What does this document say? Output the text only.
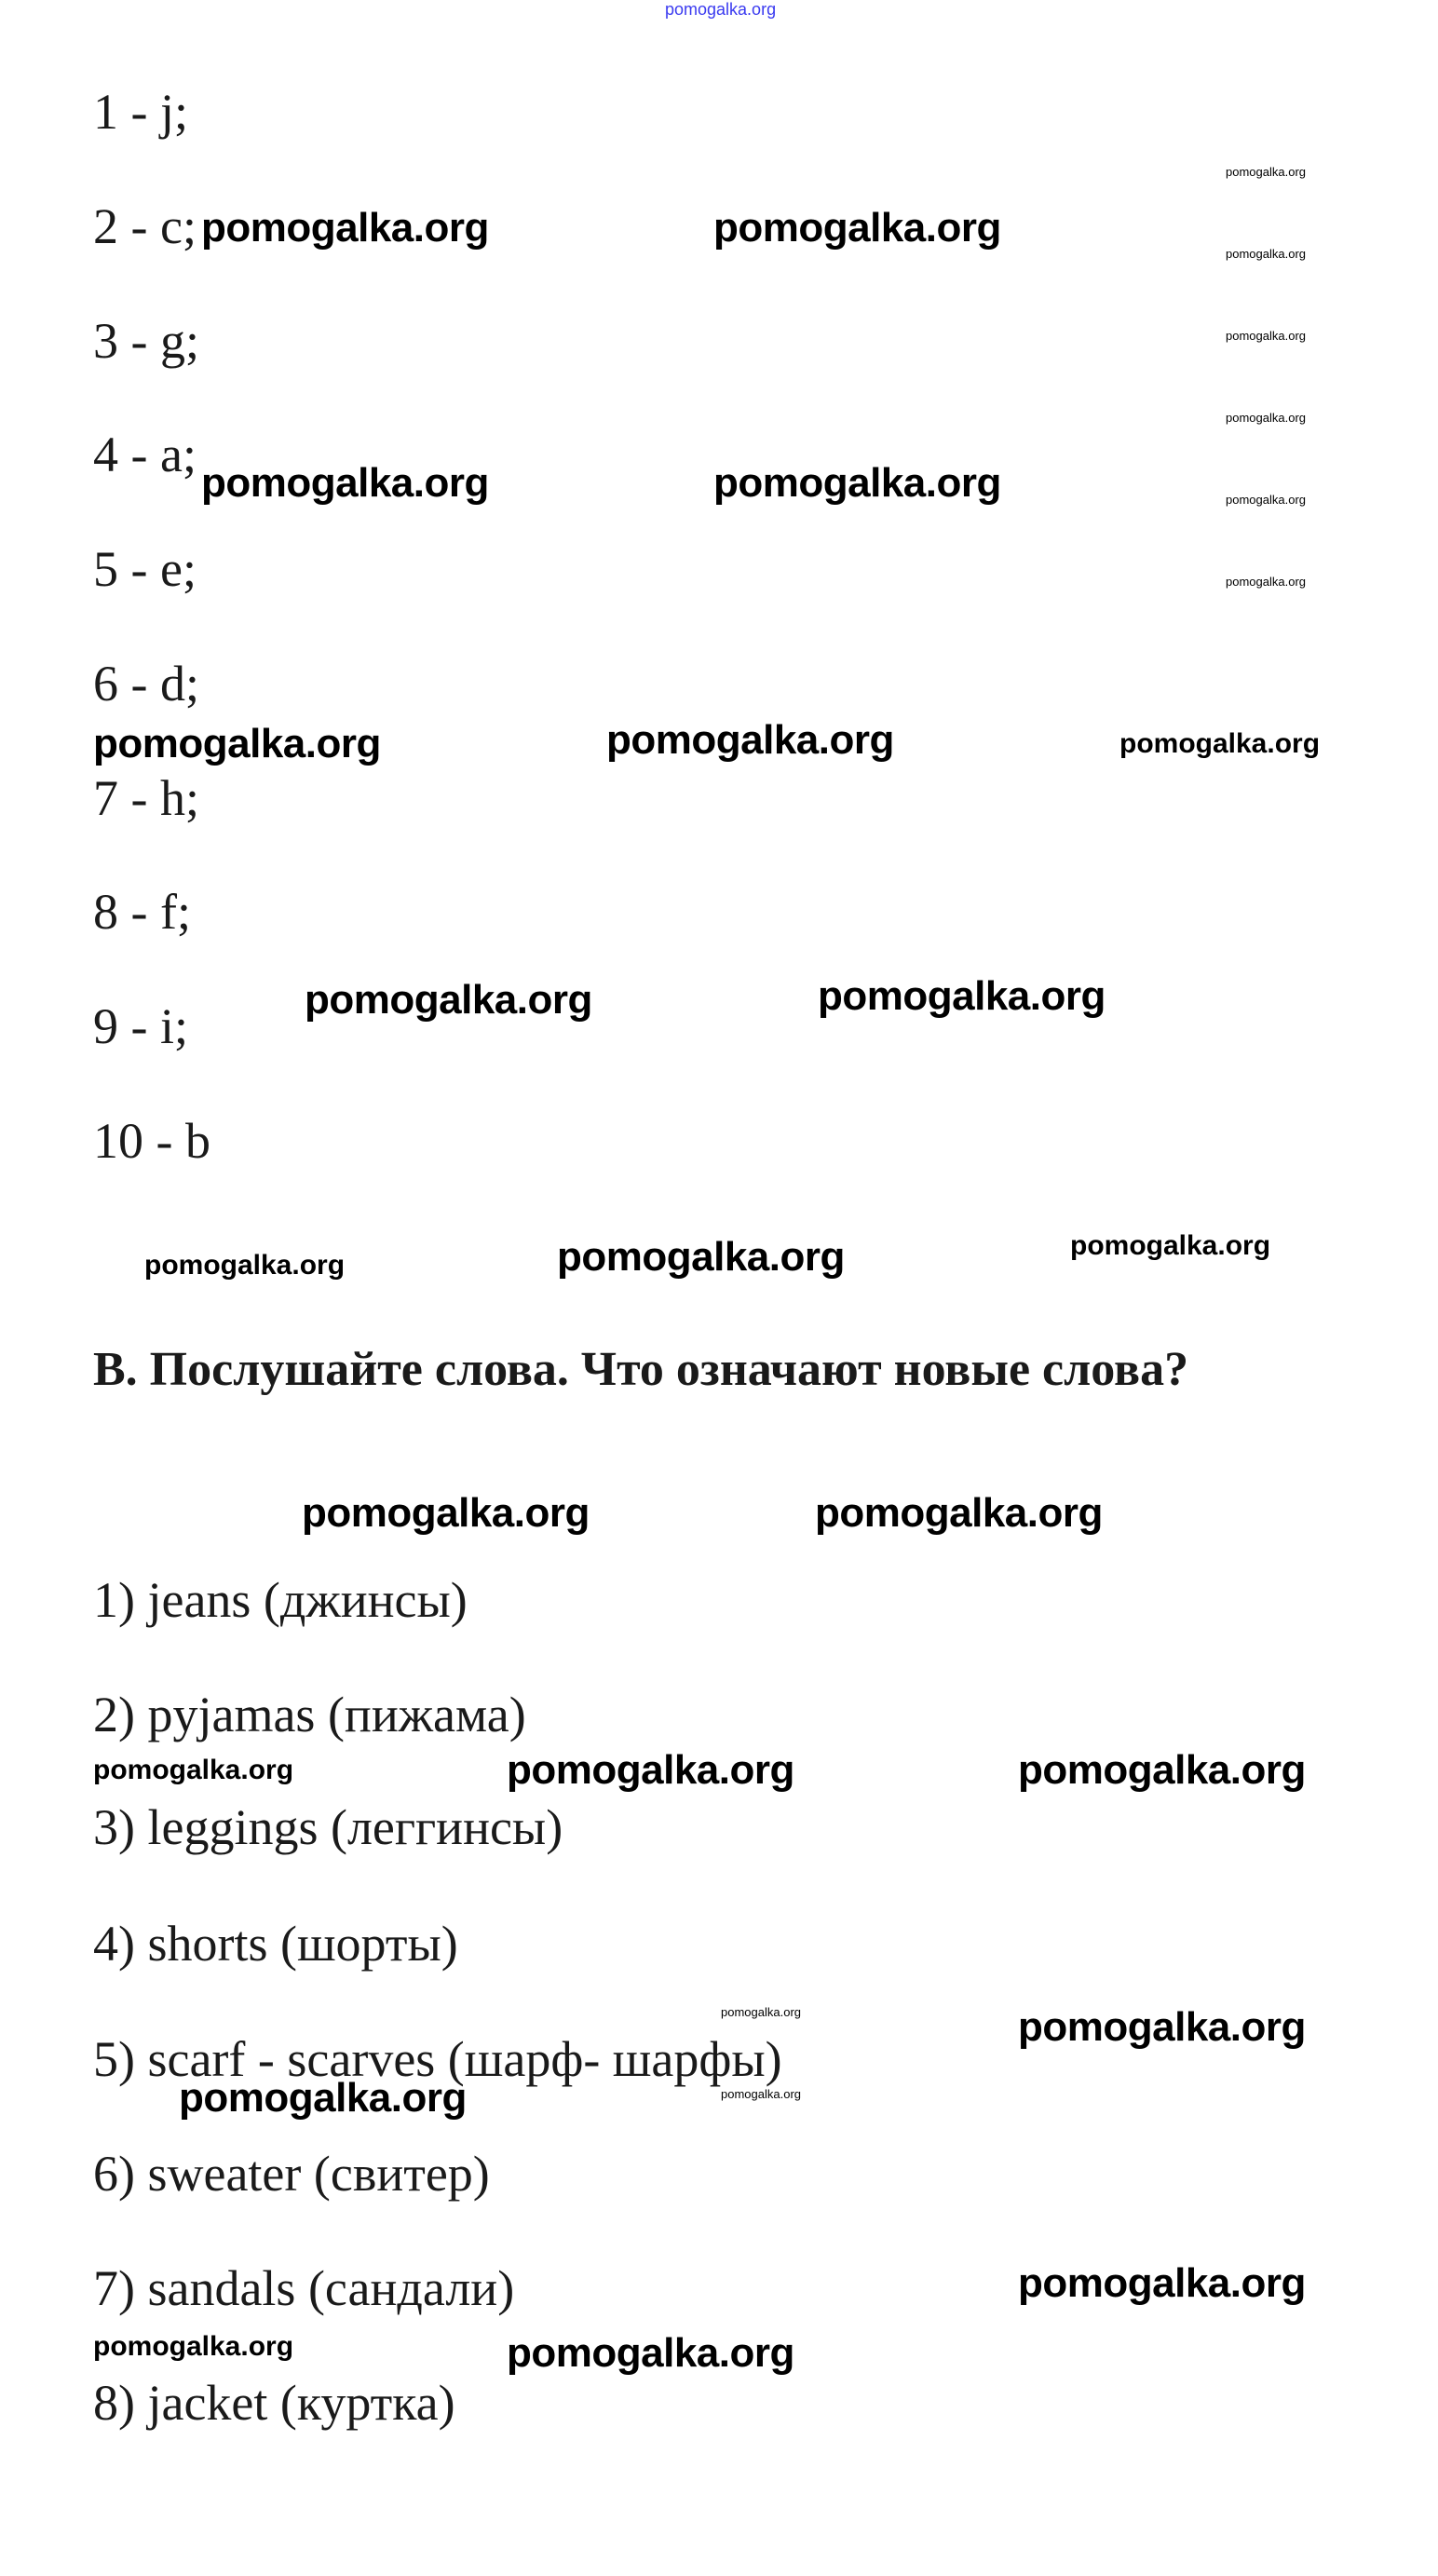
pomogalka.org
1 - j;
2 - c;
3 - g;
4 - a;
5 - e;
6 - d;
7 - h;
8 - f;
9 - i;
10 - b
B. Послушайте слова. Что означают новые слова?
1) jeans (джинсы)
2) pyjamas (пижама)
3) leggings (леггинсы)
4) shorts (шорты)
5) scarf - scarves (шарф- шарфы)
6) sweater (свитер)
7) sandals (сандали)
8) jacket (куртка)
pomogalka.org	pomogalka.org
pomogalka.org	pomogalka.org
pomogalka.org	pomogalka.org
pomogalka.org	pomogalka.org
pomogalka.org
pomogalka.org	pomogalka.org
pomogalka.org	pomogalka.org
pomogalka.org
pomogalka.org
pomogalka.org
pomogalka.org
pomogalka.org
pomogalka.org
pomogalka.org
pomogalka.org
pomogalka.org
pomogalka.org
pomogalka.org
pomogalka.org
pomogalka.org
pomogalka.org
pomogalka.org
pomogalka.org
pomogalka.org
